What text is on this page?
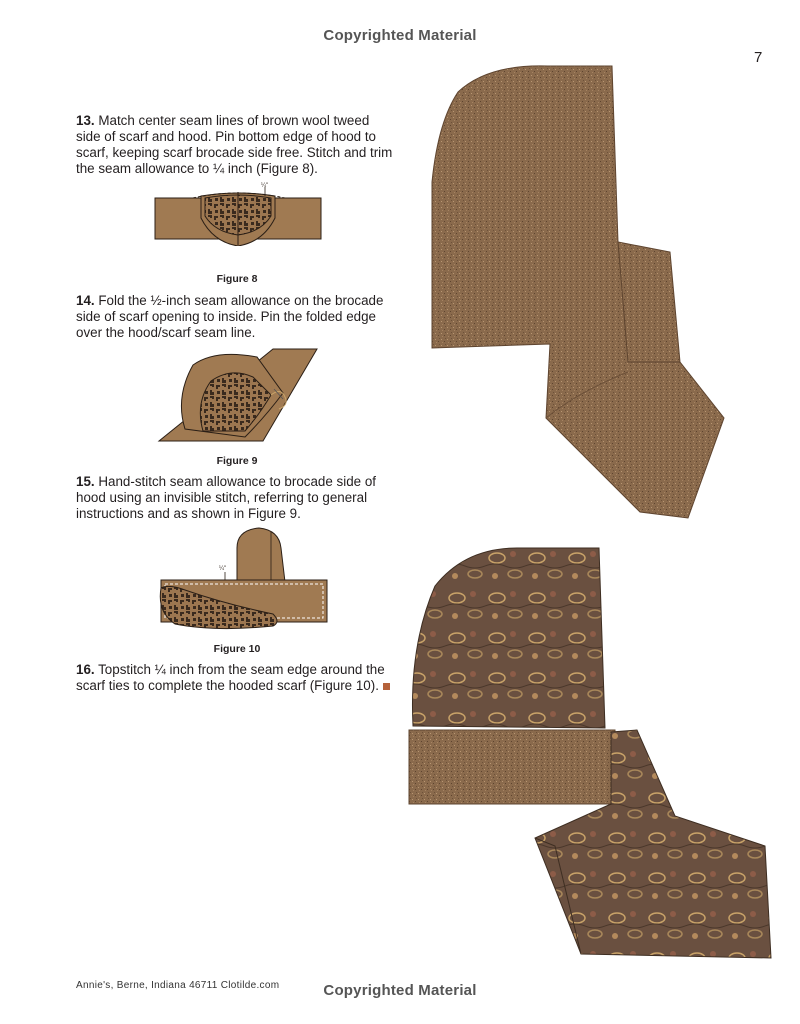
Copyrighted Material
7
13. Match center seam lines of brown wool tweed side of scarf and hood. Pin bottom edge of hood to scarf, keeping scarf brocade side free. Stitch and trim the seam allowance to ¼ inch (Figure 8).
¼"
Figure 8
14. Fold the ½-inch seam allowance on the brocade side of scarf opening to inside. Pin the folded edge over the hood/scarf seam line.
Figure 9
15. Hand-stitch seam allowance to brocade side of hood using an invisible stitch, referring to general instructions and as shown in Figure 9.
¼"
Figure 10
16. Topstitch ¼ inch from the seam edge around the scarf ties to complete the hooded scarf (Figure 10).
Annie's, Berne, Indiana 46711 Clotilde.com	Copyrighted Material
